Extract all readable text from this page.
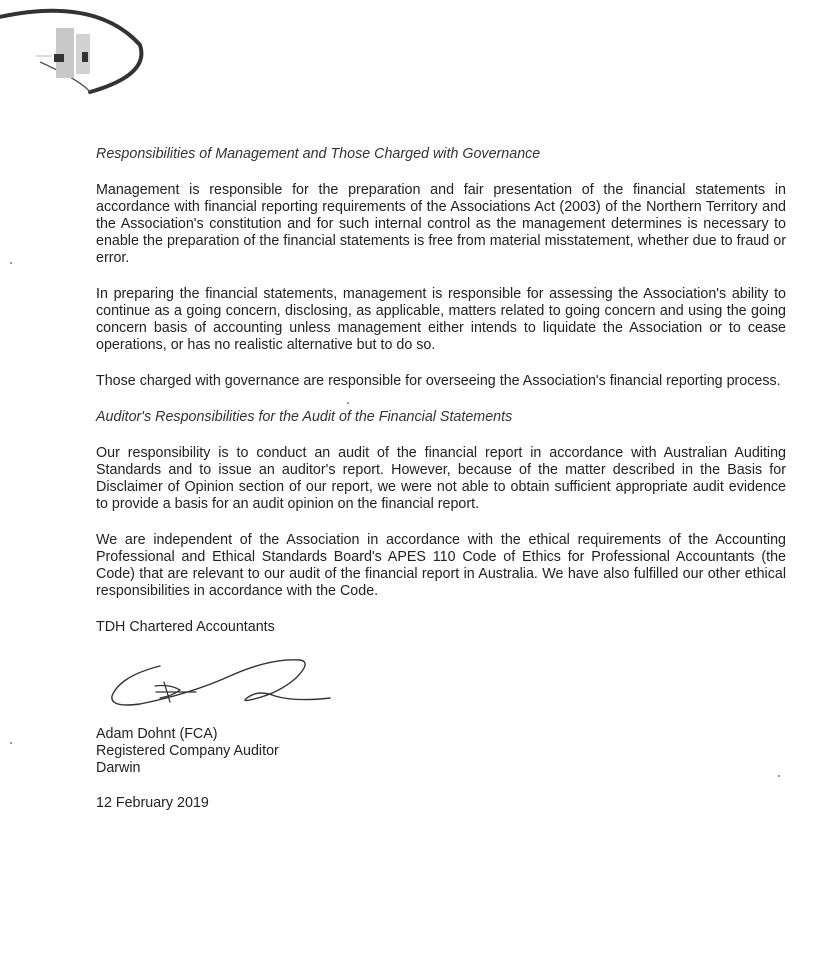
Responsibilities of Management and Those Charged with Governance

Management is responsible for the preparation and fair presentation of the financial statements in accordance with financial reporting requirements of the Associations Act (2003) of the Northern Territory and the Association's constitution and for such internal control as the management determines is necessary to enable the preparation of the financial statements is free from material misstatement, whether due to fraud or error.

In preparing the financial statements, management is responsible for assessing the Association's ability to continue as a going concern, disclosing, as applicable, matters related to going concern and using the going concern basis of accounting unless management either intends to liquidate the Association or to cease operations, or has no realistic alternative but to do so.

Those charged with governance are responsible for overseeing the Association's financial reporting process.

Auditor's Responsibilities for the Audit of the Financial Statements

Our responsibility is to conduct an audit of the financial report in accordance with Australian Auditing Standards and to issue an auditor's report. However, because of the matter described in the Basis for Disclaimer of Opinion section of our report, we were not able to obtain sufficient appropriate audit evidence to provide a basis for an audit opinion on the financial report.

We are independent of the Association in accordance with the ethical requirements of the Accounting Professional and Ethical Standards Board's APES 110 Code of Ethics for Professional Accountants (the Code) that are relevant to our audit of the financial report in Australia. We have also fulfilled our other ethical responsibilities in accordance with the Code.

TDH Chartered Accountants

Adam Dohnt (FCA)
Registered Company Auditor
Darwin

12 February 2019
